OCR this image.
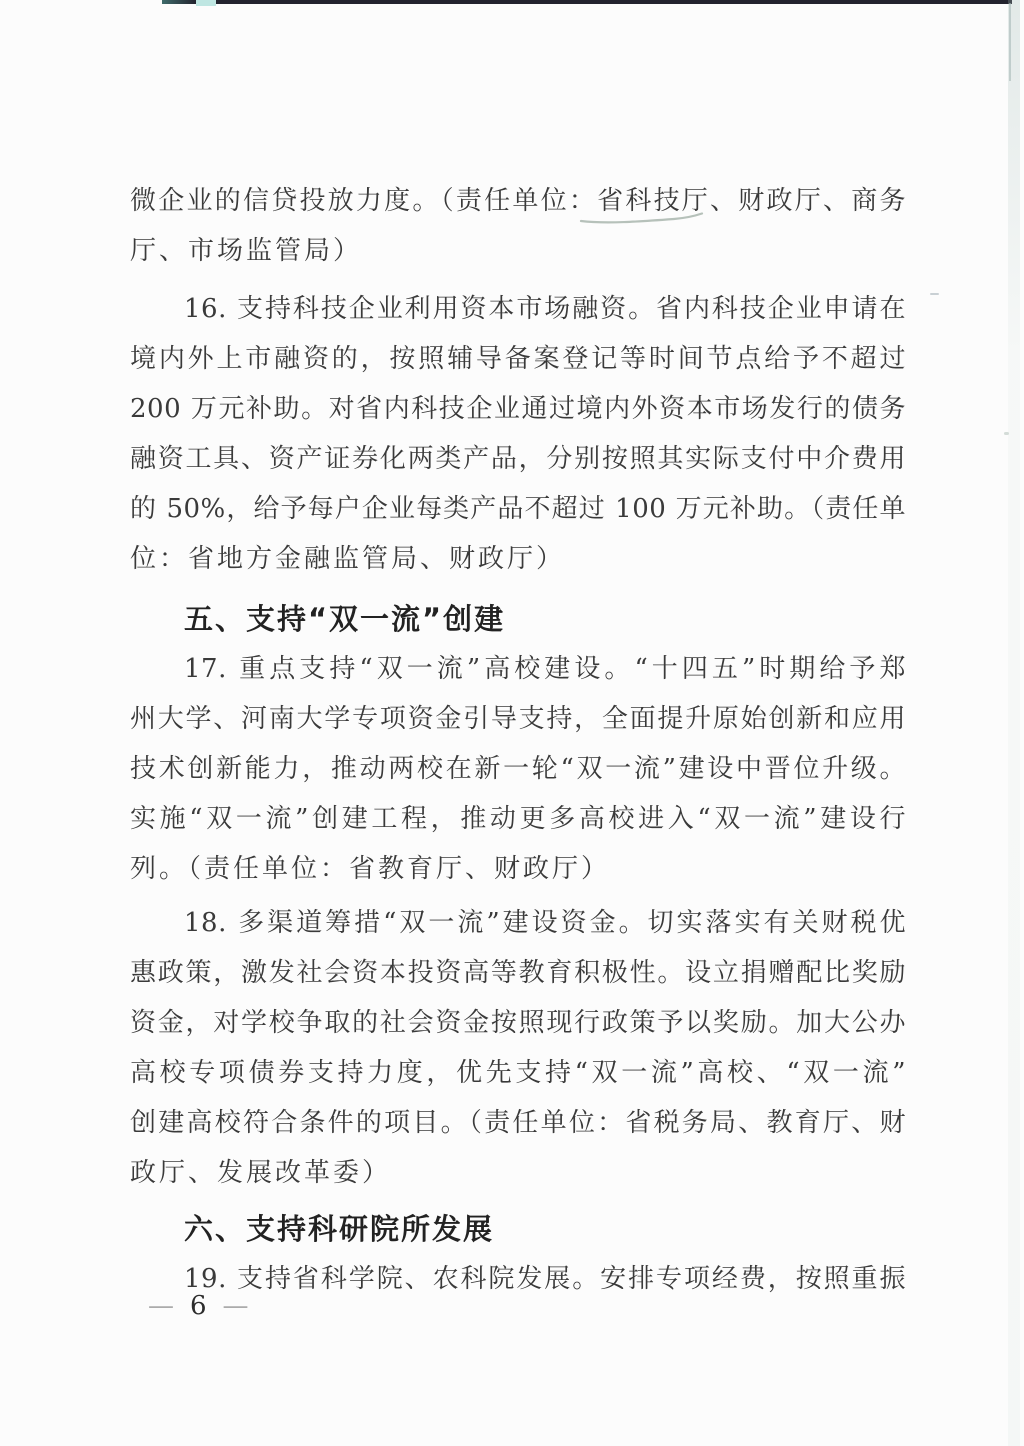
微企业的信贷投放力度。（责任单位：省科技厅、财政厅、商务
厅、市场监管局）
16. 支持科技企业利用资本市场融资。省内科技企业申请在
境内外上市融资的，按照辅导备案登记等时间节点给予不超过
200 万元补助。对省内科技企业通过境内外资本市场发行的债务
融资工具、资产证券化两类产品，分别按照其实际支付中介费用
的 50%，给予每户企业每类产品不超过 100 万元补助。（责任单
位：省地方金融监管局、财政厅）
五、支持“双一流”创建
17. 重点支持“双一流”高校建设。“十四五”时期给予郑
州大学、河南大学专项资金引导支持，全面提升原始创新和应用
技术创新能力，推动两校在新一轮“双一流”建设中晋位升级。
实施“双一流”创建工程，推动更多高校进入“双一流”建设行
列。（责任单位：省教育厅、财政厅）
18. 多渠道筹措“双一流”建设资金。切实落实有关财税优
惠政策，激发社会资本投资高等教育积极性。设立捐赠配比奖励
资金，对学校争取的社会资金按照现行政策予以奖励。加大公办
高校专项债券支持力度，优先支持“双一流”高校、“双一流”
创建高校符合条件的项目。（责任单位：省税务局、教育厅、财
政厅、发展改革委）
六、支持科研院所发展
19. 支持省科学院、农科院发展。安排专项经费，按照重振
— 6 —
